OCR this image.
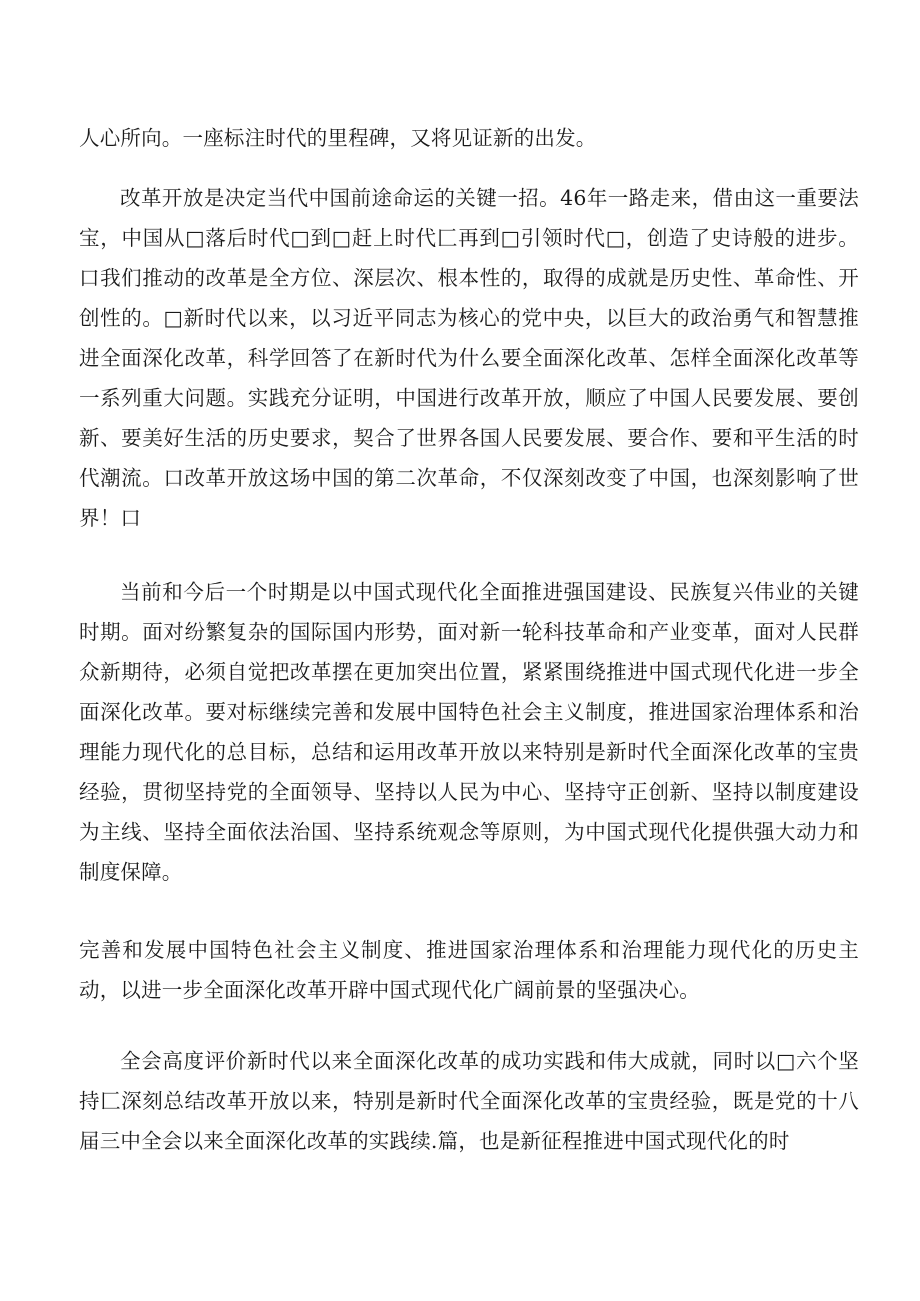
人心所向。一座标注时代的里程碑，又将见证新的出发。

改革开放是决定当代中国前途命运的关键一招。46年一路走来，借由这一重要法宝，中国从□落后时代□到□赶上时代匚再到□引领时代□，创造了史诗般的进步。口我们推动的改革是全方位、深层次、根本性的，取得的成就是历史性、革命性、开创性的。□新时代以来，以习近平同志为核心的党中央，以巨大的政治勇气和智慧推进全面深化改革，科学回答了在新时代为什么要全面深化改革、怎样全面深化改革等一系列重大问题。实践充分证明，中国进行改革开放，顺应了中国人民要发展、要创新、要美好生活的历史要求，契合了世界各国人民要发展、要合作、要和平生活的时代潮流。口改革开放这场中国的第二次革命，不仅深刻改变了中国，也深刻影响了世界！口

当前和今后一个时期是以中国式现代化全面推进强国建设、民族复兴伟业的关键时期。面对纷繁复杂的国际国内形势，面对新一轮科技革命和产业变革，面对人民群众新期待，必须自觉把改革摆在更加突出位置，紧紧围绕推进中国式现代化进一步全面深化改革。要对标继续完善和发展中国特色社会主义制度，推进国家治理体系和治理能力现代化的总目标，总结和运用改革开放以来特别是新时代全面深化改革的宝贵经验，贯彻坚持党的全面领导、坚持以人民为中心、坚持守正创新、坚持以制度建设为主线、坚持全面依法治国、坚持系统观念等原则，为中国式现代化提供强大动力和制度保障。

完善和发展中国特色社会主义制度、推进国家治理体系和治理能力现代化的历史主动，以进一步全面深化改革开辟中国式现代化广阔前景的坚强决心。

全会高度评价新时代以来全面深化改革的成功实践和伟大成就，同时以□六个坚持匚深刻总结改革开放以来，特别是新时代全面深化改革的宝贵经验，既是党的十八届三中全会以来全面深化改革的实践续.篇，也是新征程推进中国式现代化的时
